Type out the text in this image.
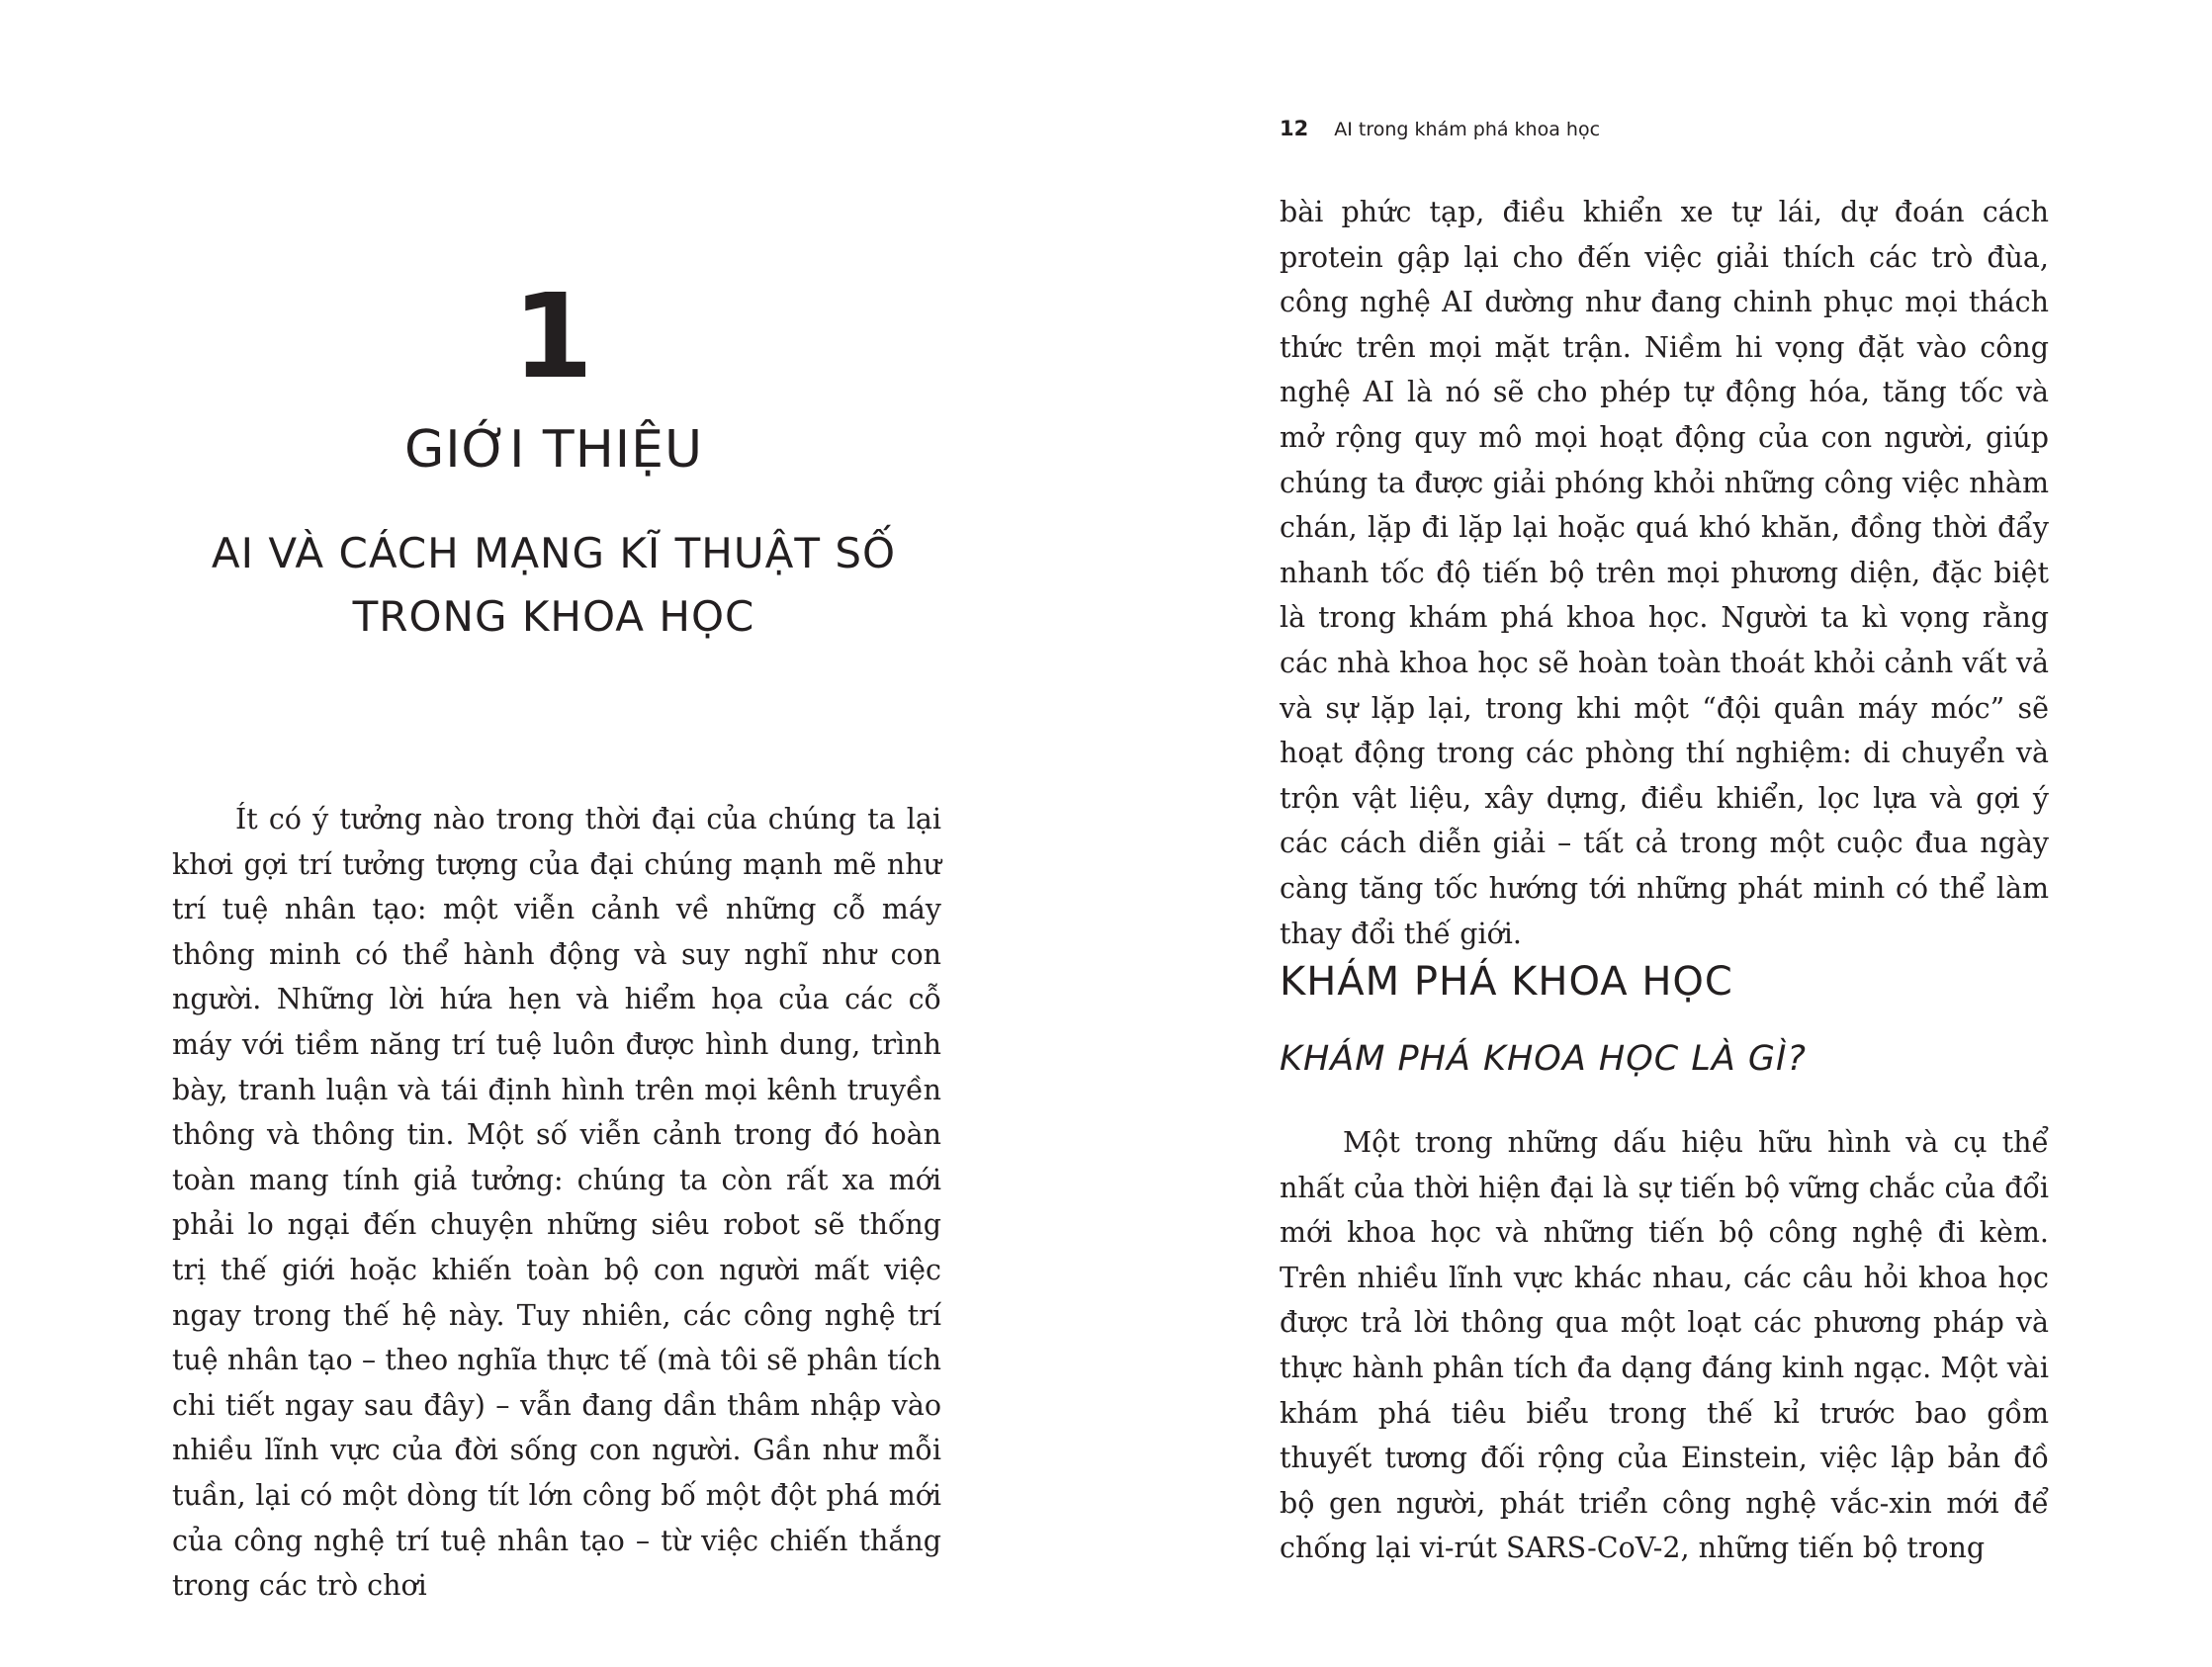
1

GIỚI THIỆU

AI VÀ CÁCH MẠNG KĨ THUẬT SỐ
TRONG KHOA HỌC

Ít có ý tưởng nào trong thời đại của chúng ta lại khơi gợi trí tưởng tượng của đại chúng mạnh mẽ như trí tuệ nhân tạo: một viễn cảnh về những cỗ máy thông minh có thể hành động và suy nghĩ như con người. Những lời hứa hẹn và hiểm họa của các cỗ máy với tiềm năng trí tuệ luôn được hình dung, trình bày, tranh luận và tái định hình trên mọi kênh truyền thông và thông tin. Một số viễn cảnh trong đó hoàn toàn mang tính giả tưởng: chúng ta còn rất xa mới phải lo ngại đến chuyện những siêu robot sẽ thống trị thế giới hoặc khiến toàn bộ con người mất việc ngay trong thế hệ này. Tuy nhiên, các công nghệ trí tuệ nhân tạo – theo nghĩa thực tế (mà tôi sẽ phân tích chi tiết ngay sau đây) – vẫn đang dần thâm nhập vào nhiều lĩnh vực của đời sống con người. Gần như mỗi tuần, lại có một dòng tít lớn công bố một đột phá mới của công nghệ trí tuệ nhân tạo – từ việc chiến thắng trong các trò chơi

12 AI trong khám phá khoa học

bài phức tạp, điều khiển xe tự lái, dự đoán cách protein gập lại cho đến việc giải thích các trò đùa, công nghệ AI dường như đang chinh phục mọi thách thức trên mọi mặt trận. Niềm hi vọng đặt vào công nghệ AI là nó sẽ cho phép tự động hóa, tăng tốc và mở rộng quy mô mọi hoạt động của con người, giúp chúng ta được giải phóng khỏi những công việc nhàm chán, lặp đi lặp lại hoặc quá khó khăn, đồng thời đẩy nhanh tốc độ tiến bộ trên mọi phương diện, đặc biệt là trong khám phá khoa học. Người ta kì vọng rằng các nhà khoa học sẽ hoàn toàn thoát khỏi cảnh vất vả và sự lặp lại, trong khi một “đội quân máy móc” sẽ hoạt động trong các phòng thí nghiệm: di chuyển và trộn vật liệu, xây dựng, điều khiển, lọc lựa và gợi ý các cách diễn giải – tất cả trong một cuộc đua ngày càng tăng tốc hướng tới những phát minh có thể làm thay đổi thế giới.

KHÁM PHÁ KHOA HỌC
KHÁM PHÁ KHOA HỌC LÀ GÌ?

Một trong những dấu hiệu hữu hình và cụ thể nhất của thời hiện đại là sự tiến bộ vững chắc của đổi mới khoa học và những tiến bộ công nghệ đi kèm. Trên nhiều lĩnh vực khác nhau, các câu hỏi khoa học được trả lời thông qua một loạt các phương pháp và thực hành phân tích đa dạng đáng kinh ngạc. Một vài khám phá tiêu biểu trong thế kỉ trước bao gồm thuyết tương đối rộng của Einstein, việc lập bản đồ bộ gen người, phát triển công nghệ vắc-xin mới để chống lại vi-rút SARS-CoV-2, những tiến bộ trong
